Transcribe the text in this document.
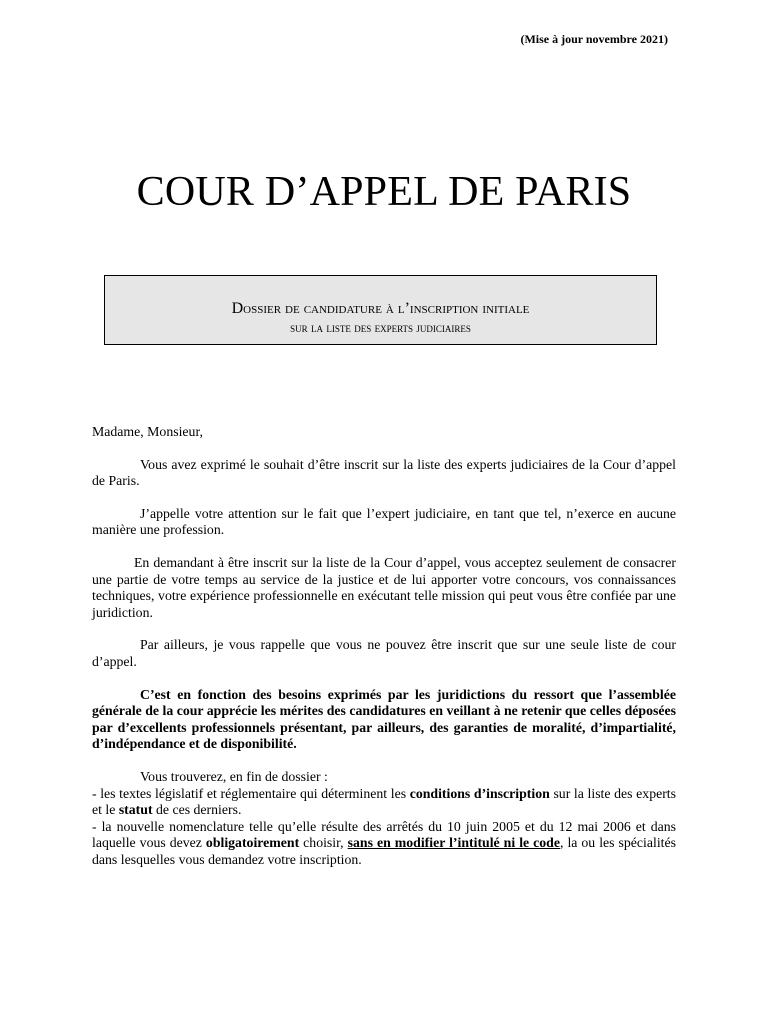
(Mise à jour novembre 2021)
COUR D’APPEL DE PARIS
Dossier de candidature à l’inscription initiale
sur la liste des experts judiciaires

Madame, Monsieur,

Vous avez exprimé le souhait d’être inscrit sur la liste des experts judiciaires de la Cour d’appel de Paris.

J’appelle votre attention sur le fait que l’expert judiciaire, en tant que tel, n’exerce en aucune manière une profession.

En demandant à être inscrit sur la liste de la Cour d’appel, vous acceptez seulement de consacrer une partie de votre temps au service de la justice et de lui apporter votre concours, vos connaissances techniques, votre expérience professionnelle en exécutant telle mission qui peut vous être confiée par une juridiction.

Par ailleurs, je vous rappelle que vous ne pouvez être inscrit que sur une seule liste de cour d’appel.

C’est en fonction des besoins exprimés par les juridictions du ressort que l’assemblée générale de la cour apprécie les mérites des candidatures en veillant à ne retenir que celles déposées par d’excellents professionnels présentant, par ailleurs, des garanties de moralité, d’impartialité, d’indépendance et de disponibilité.

Vous trouverez, en fin de dossier :

- les textes législatif et réglementaire qui déterminent les conditions d’inscription sur la liste des experts et le statut de ces derniers.

- la nouvelle nomenclature telle qu’elle résulte des arrêtés du 10 juin 2005 et du 12 mai 2006 et dans laquelle vous devez obligatoirement choisir, sans en modifier l’intitulé ni le code, la ou les spécialités dans lesquelles vous demandez votre inscription.
